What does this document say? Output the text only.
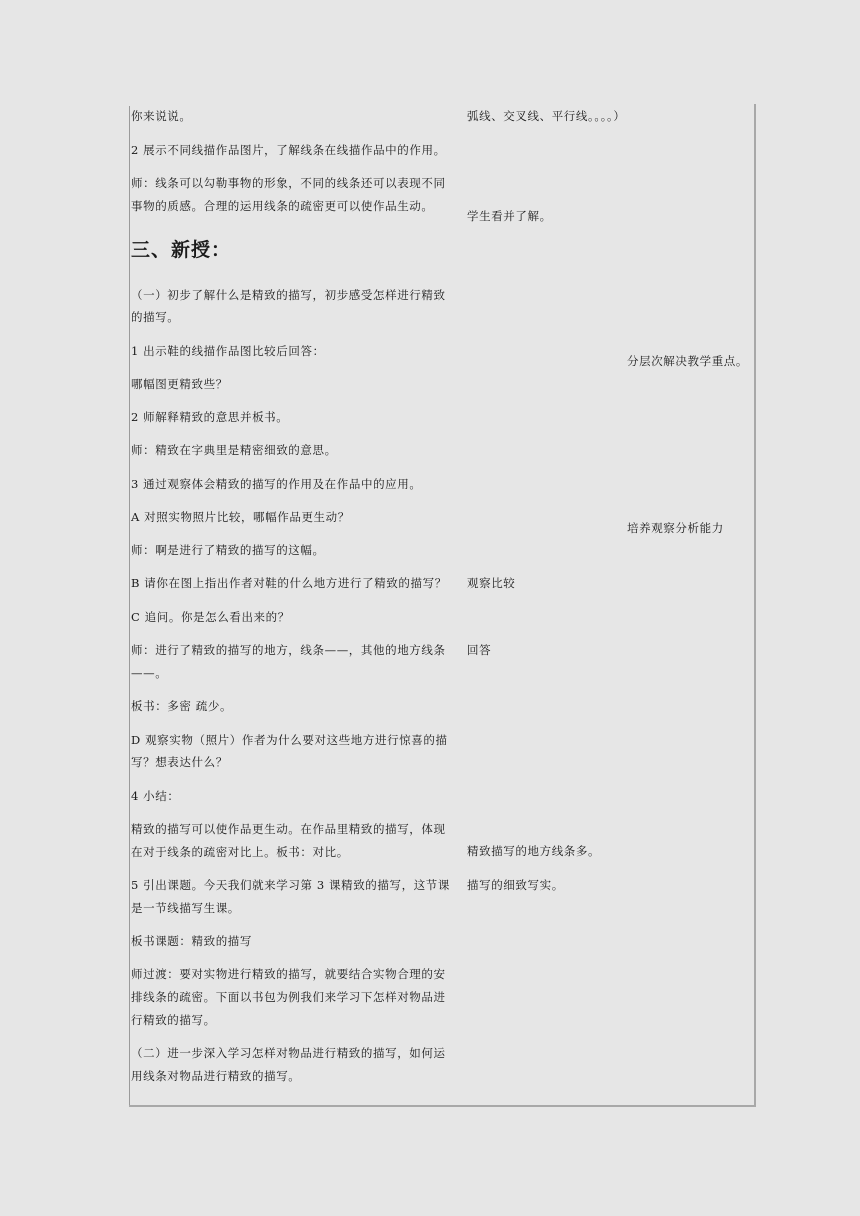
你来说说。

2 展示不同线描作品图片，了解线条在线描作品中的作用。

师：线条可以勾勒事物的形象，不同的线条还可以表现不同

事物的质感。合理的运用线条的疏密更可以使作品生动。

三、新授：

（一）初步了解什么是精致的描写，初步感受怎样进行精致

的描写。

1 出示鞋的线描作品图比较后回答：

哪幅图更精致些？

2 师解释精致的意思并板书。

师：精致在字典里是精密细致的意思。

3 通过观察体会精致的描写的作用及在作品中的应用。

A 对照实物照片比较，哪幅作品更生动？

师：啊是进行了精致的描写的这幅。

B 请你在图上指出作者对鞋的什么地方进行了精致的描写？

C 追问。你是怎么看出来的？

师：进行了精致的描写的地方，线条——，其他的地方线条

——。

板书：多密 疏少。

D 观察实物（照片）作者为什么要对这些地方进行惊喜的描

写？想表达什么？

4 小结：

精致的描写可以使作品更生动。在作品里精致的描写，体现

在对于线条的疏密对比上。板书：对比。

5 引出课题。今天我们就来学习第 3 课精致的描写，这节课

是一节线描写生课。

板书课题：精致的描写

师过渡：要对实物进行精致的描写，就要结合实物合理的安

排线条的疏密。下面以书包为例我们来学习下怎样对物品进

行精致的描写。

（二）进一步深入学习怎样对物品进行精致的描写，如何运

用线条对物品进行精致的描写。

弧线、交叉线、平行线。。。。）

学生看并了解。

观察比较

回答

精致描写的地方线条多。

描写的细致写实。

分层次解决教学重点。

培养观察分析能力
